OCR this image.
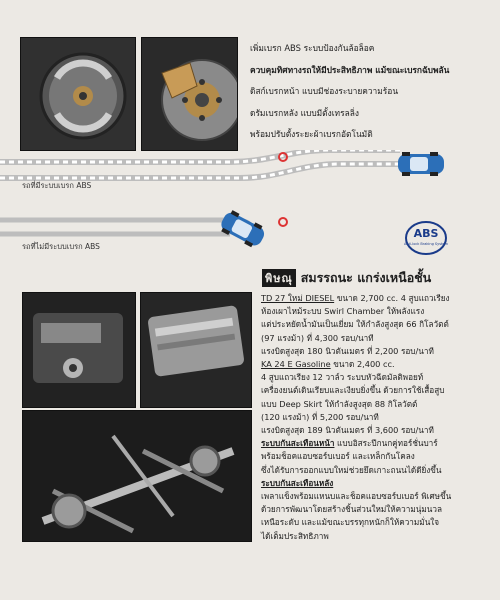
เพิ่มเบรก ABS ระบบป้องกันล้อล็อค
ควบคุมทิศทางรถให้มีประสิทธิภาพ แม้ขณะเบรกฉับพลัน
ดิสก์เบรกหน้า แบบมีช่องระบายความร้อน
ดรัมเบรกหลัง แบบมีตั้งเทรลลิ่ง
พร้อมปรับตั้งระยะผ้าเบรกอัตโนมัติ
รถที่มีระบบเบรก ABS
รถที่ไม่มีระบบเบรก ABS
ABS
Anti-lock Braking System
พิษณุ สมรรถนะ แกร่งเหนือชั้น
TD 27 ใหม่ DIESEL ขนาด 2,700 cc. 4 สูบแถวเรียง
ห้องเผาไหม้ระบบ Swirl Chamber ให้พลังแรง
แต่ประหยัดน้ำมันเป็นเยี่ยม ให้กำลังสูงสุด 66 กิโลวัตต์
(97 แรงม้า) ที่ 4,300 รอบ/นาที
แรงบิดสูงสุด 180 นิวตันเมตร ที่ 2,200 รอบ/นาที
KA 24 E Gasoline ขนาด 2,400 cc.
4 สูบแถวเรียง 12 วาล์ว ระบบหัวฉีดมัลติพอยท์
เครื่องยนต์เดินเรียบและเงียบยิ่งขึ้น ด้วยการใช้เสื้อสูบ
แบบ Deep Skirt ให้กำลังสูงสุด 88 กิโลวัตต์
(120 แรงม้า) ที่ 5,200 รอบ/นาที
แรงบิดสูงสุด 189 นิวตันเมตร ที่ 3,600 รอบ/นาที
ระบบกันสะเทือนหน้า แบบอิสระปีกนกคู่ทอร์ชั่นบาร์
พร้อมช็อคแอบซอร์บเบอร์ และเหล็กกันโคลง
ซึ่งได้รับการออกแบบใหม่ช่วยยึดเกาะถนนได้ดียิ่งขึ้น
ระบบกันสะเทือนหลัง
เพลาแข็งพร้อมแหนบและช็อคแอบซอร์บเบอร์ พิเศษขึ้น
ด้วยการพัฒนาโดยสร้างชิ้นส่วนใหม่ให้ความนุ่มนวล
เหนือระดับ และแม้ขณะบรรทุกหนักก็ให้ความมั่นใจ
ได้เต็มประสิทธิภาพ
